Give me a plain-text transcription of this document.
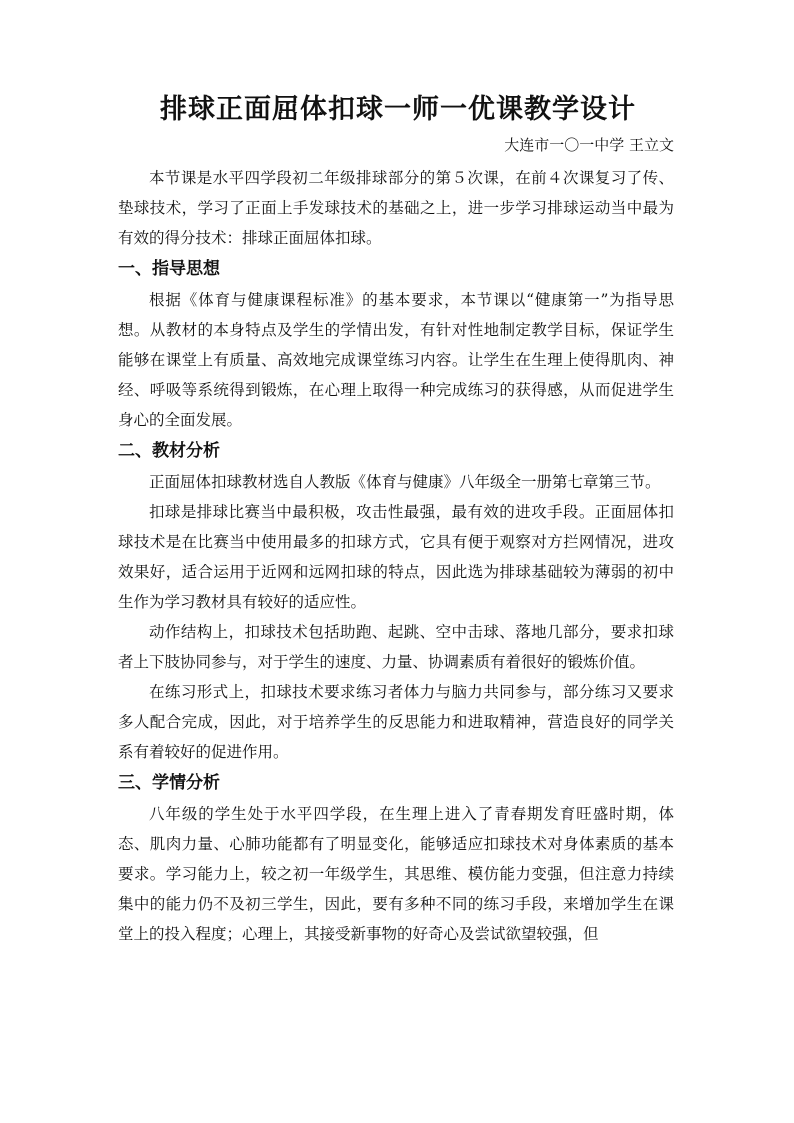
排球正面屈体扣球一师一优课教学设计
大连市一〇一中学 王立文

本节课是水平四学段初二年级排球部分的第５次课，在前４次课复习了传、垫球技术，学习了正面上手发球技术的基础之上，进一步学习排球运动当中最为有效的得分技术：排球正面屈体扣球。

一、指导思想

根据《体育与健康课程标准》的基本要求，本节课以“健康第一”为指导思想。从教材的本身特点及学生的学情出发，有针对性地制定教学目标，保证学生能够在课堂上有质量、高效地完成课堂练习内容。让学生在生理上使得肌肉、神经、呼吸等系统得到锻炼，在心理上取得一种完成练习的获得感，从而促进学生身心的全面发展。

二、教材分析

正面屈体扣球教材选自人教版《体育与健康》八年级全一册第七章第三节。

扣球是排球比赛当中最积极，攻击性最强，最有效的进攻手段。正面屈体扣球技术是在比赛当中使用最多的扣球方式，它具有便于观察对方拦网情况，进攻效果好，适合运用于近网和远网扣球的特点，因此选为排球基础较为薄弱的初中生作为学习教材具有较好的适应性。

动作结构上，扣球技术包括助跑、起跳、空中击球、落地几部分，要求扣球者上下肢协同参与，对于学生的速度、力量、协调素质有着很好的锻炼价值。

在练习形式上，扣球技术要求练习者体力与脑力共同参与，部分练习又要求多人配合完成，因此，对于培养学生的反思能力和进取精神，营造良好的同学关系有着较好的促进作用。

三、学情分析

八年级的学生处于水平四学段，在生理上进入了青春期发育旺盛时期，体态、肌肉力量、心肺功能都有了明显变化，能够适应扣球技术对身体素质的基本要求。学习能力上，较之初一年级学生，其思维、模仿能力变强，但注意力持续集中的能力仍不及初三学生，因此，要有多种不同的练习手段，来增加学生在课堂上的投入程度；心理上，其接受新事物的好奇心及尝试欲望较强，但
